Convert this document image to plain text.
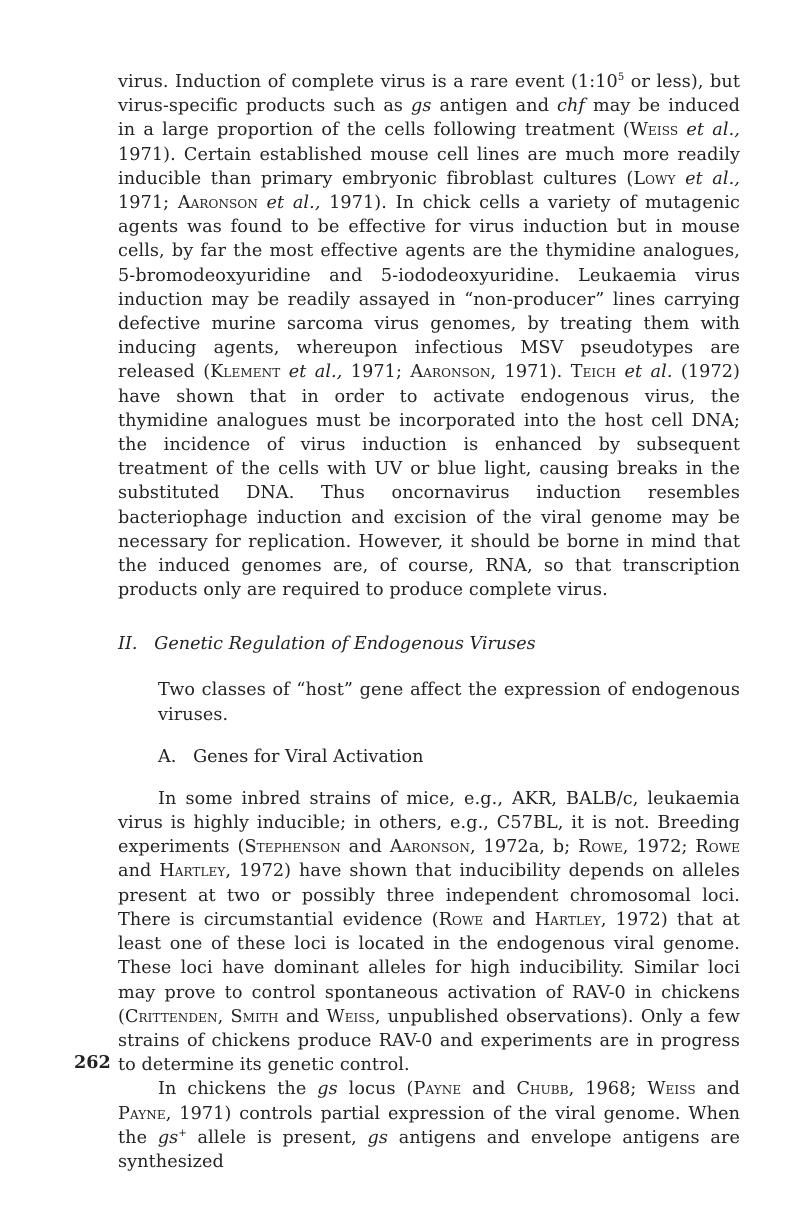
virus. Induction of complete virus is a rare event ($1:10^5$ or less), but virus-specific products such as gs antigen and chf may be induced in a large proportion of the cells following treatment (Weiss et al., 1971). Certain established mouse cell lines are much more readily inducible than primary embryonic fibroblast cultures (Lowy et al., 1971; Aaronson et al., 1971). In chick cells a variety of mutagenic agents was found to be effective for virus induction but in mouse cells, by far the most effective agents are the thymidine analogues, 5-bromodeoxyuridine and 5-iododeoxyuridine. Leukaemia virus induction may be readily assayed in “non-producer” lines carrying defective murine sarcoma virus genomes, by treating them with inducing agents, whereupon infectious MSV pseudotypes are released (Klement et al., 1971; Aaronson, 1971). Teich et al. (1972) have shown that in order to activate endogenous virus, the thymidine analogues must be incorporated into the host cell DNA; the incidence of virus induction is enhanced by subsequent treatment of the cells with UV or blue light, causing breaks in the substituted DNA. Thus oncornavirus induction resembles bacteriophage induction and excision of the viral genome may be necessary for replication. However, it should be borne in mind that the induced genomes are, of course, RNA, so that transcription products only are required to produce complete virus.

II.   Genetic Regulation of Endogenous Viruses

Two classes of “host” gene affect the expression of endogenous viruses.

A.   Genes for Viral Activation

In some inbred strains of mice, e.g., AKR, BALB/c, leukaemia virus is highly inducible; in others, e.g., C57BL, it is not. Breeding experiments (Stephenson and Aaronson, 1972a, b; Rowe, 1972; Rowe and Hartley, 1972) have shown that inducibility depends on alleles present at two or possibly three independent chromosomal loci. There is circumstantial evidence (Rowe and Hartley, 1972) that at least one of these loci is located in the endogenous viral genome. These loci have dominant alleles for high inducibility. Similar loci may prove to control spontaneous activation of RAV-0 in chickens (Crittenden, Smith and Weiss, unpublished observations). Only a few strains of chickens produce RAV-0 and experiments are in progress to determine its genetic control.

In chickens the gs locus (Payne and Chubb, 1968; Weiss and Payne, 1971) controls partial expression of the viral genome. When the gs+ allele is present, gs antigens and envelope antigens are synthesized

262
